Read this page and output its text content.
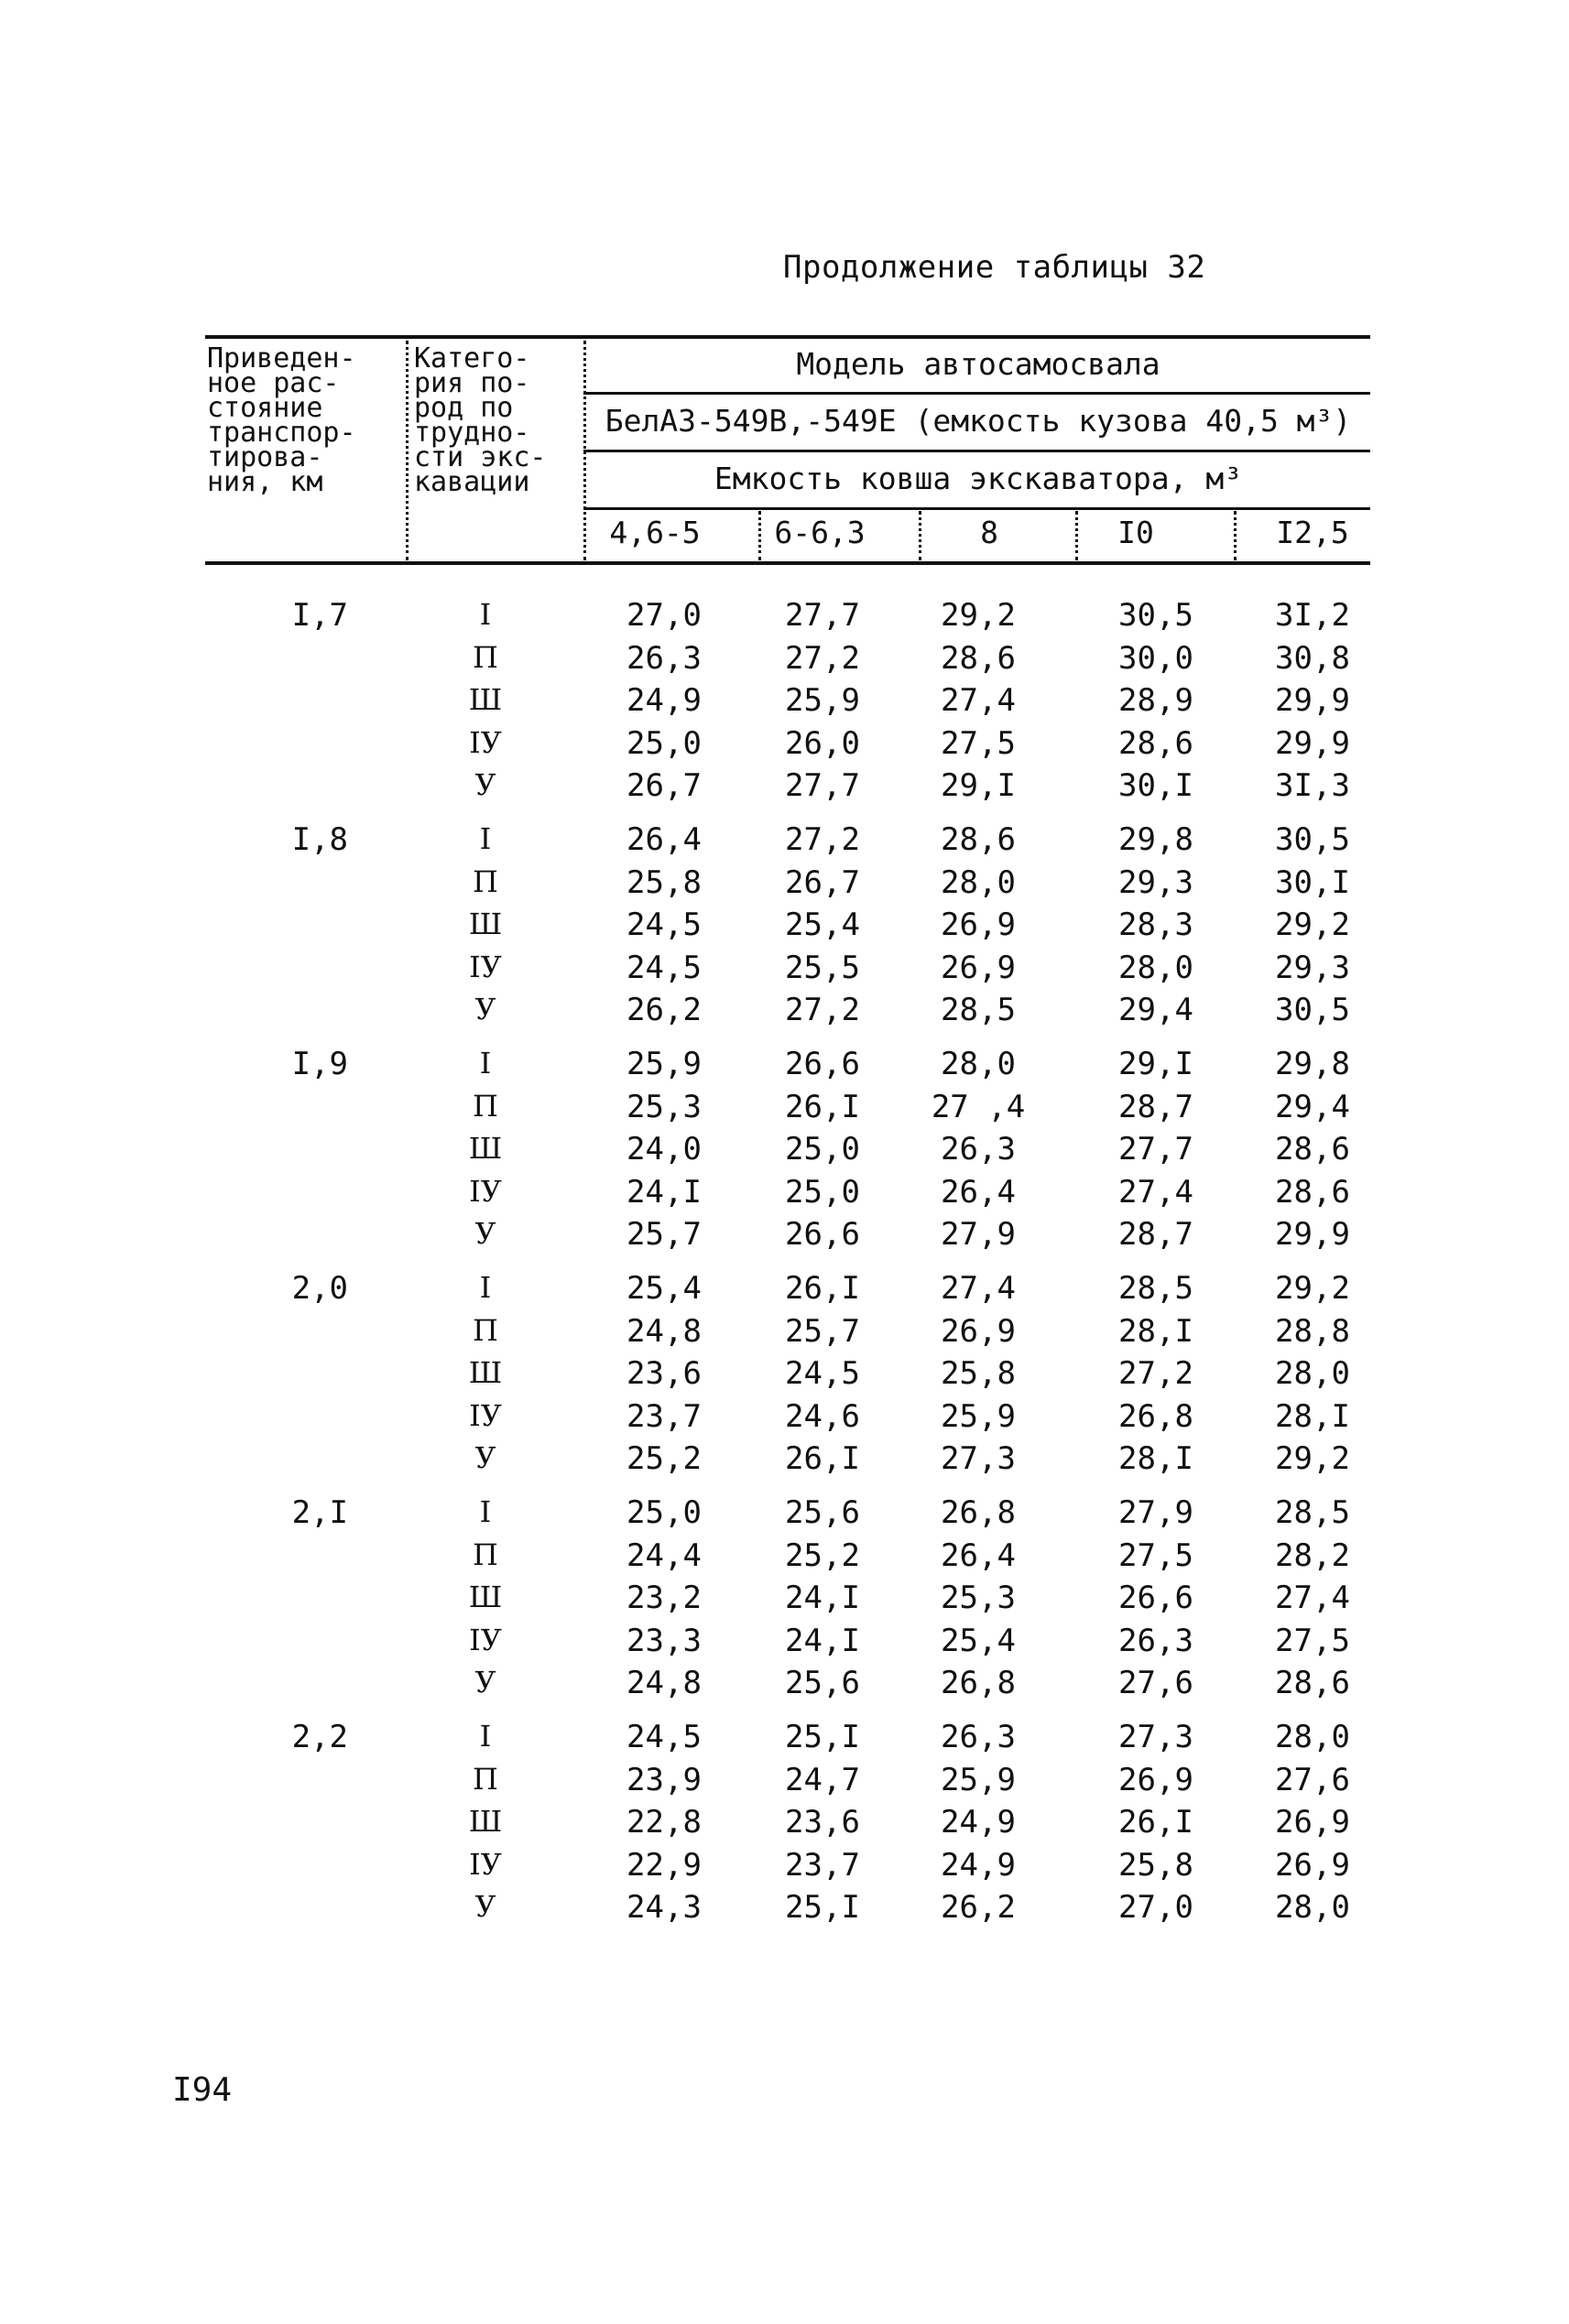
Продолжение таблицы 32
Приведен-
ное рас-
стояние
транспор-
тирова-
ния, км
Катего-
рия по-
род по
трудно-
сти экс-
кавации
Модель автосамосвала
БелАЗ-549В,-549Е (емкость кузова 40,5 м³)
Емкость ковша экскаватора, м³
4,6-5	6-6,3	8	I0	I2,5
I,7	I	27,0	27,7	29,2	30,5	3I,2
П	26,3	27,2	28,6	30,0	30,8
Ш	24,9	25,9	27,4	28,9	29,9
IУ	25,0	26,0	27,5	28,6	29,9
У	26,7	27,7	29,I	30,I	3I,3
I,8	I	26,4	27,2	28,6	29,8	30,5
П	25,8	26,7	28,0	29,3	30,I
Ш	24,5	25,4	26,9	28,3	29,2
IУ	24,5	25,5	26,9	28,0	29,3
У	26,2	27,2	28,5	29,4	30,5
I,9	I	25,9	26,6	28,0	29,I	29,8
П	25,3	26,I	27 ,4	28,7	29,4
Ш	24,0	25,0	26,3	27,7	28,6
IУ	24,I	25,0	26,4	27,4	28,6
У	25,7	26,6	27,9	28,7	29,9
2,0	I	25,4	26,I	27,4	28,5	29,2
П	24,8	25,7	26,9	28,I	28,8
Ш	23,6	24,5	25,8	27,2	28,0
IУ	23,7	24,6	25,9	26,8	28,I
У	25,2	26,I	27,3	28,I	29,2
2,I	I	25,0	25,6	26,8	27,9	28,5
П	24,4	25,2	26,4	27,5	28,2
Ш	23,2	24,I	25,3	26,6	27,4
IУ	23,3	24,I	25,4	26,3	27,5
У	24,8	25,6	26,8	27,6	28,6
2,2	I	24,5	25,I	26,3	27,3	28,0
П	23,9	24,7	25,9	26,9	27,6
Ш	22,8	23,6	24,9	26,I	26,9
IУ	22,9	23,7	24,9	25,8	26,9
У	24,3	25,I	26,2	27,0	28,0
I94
